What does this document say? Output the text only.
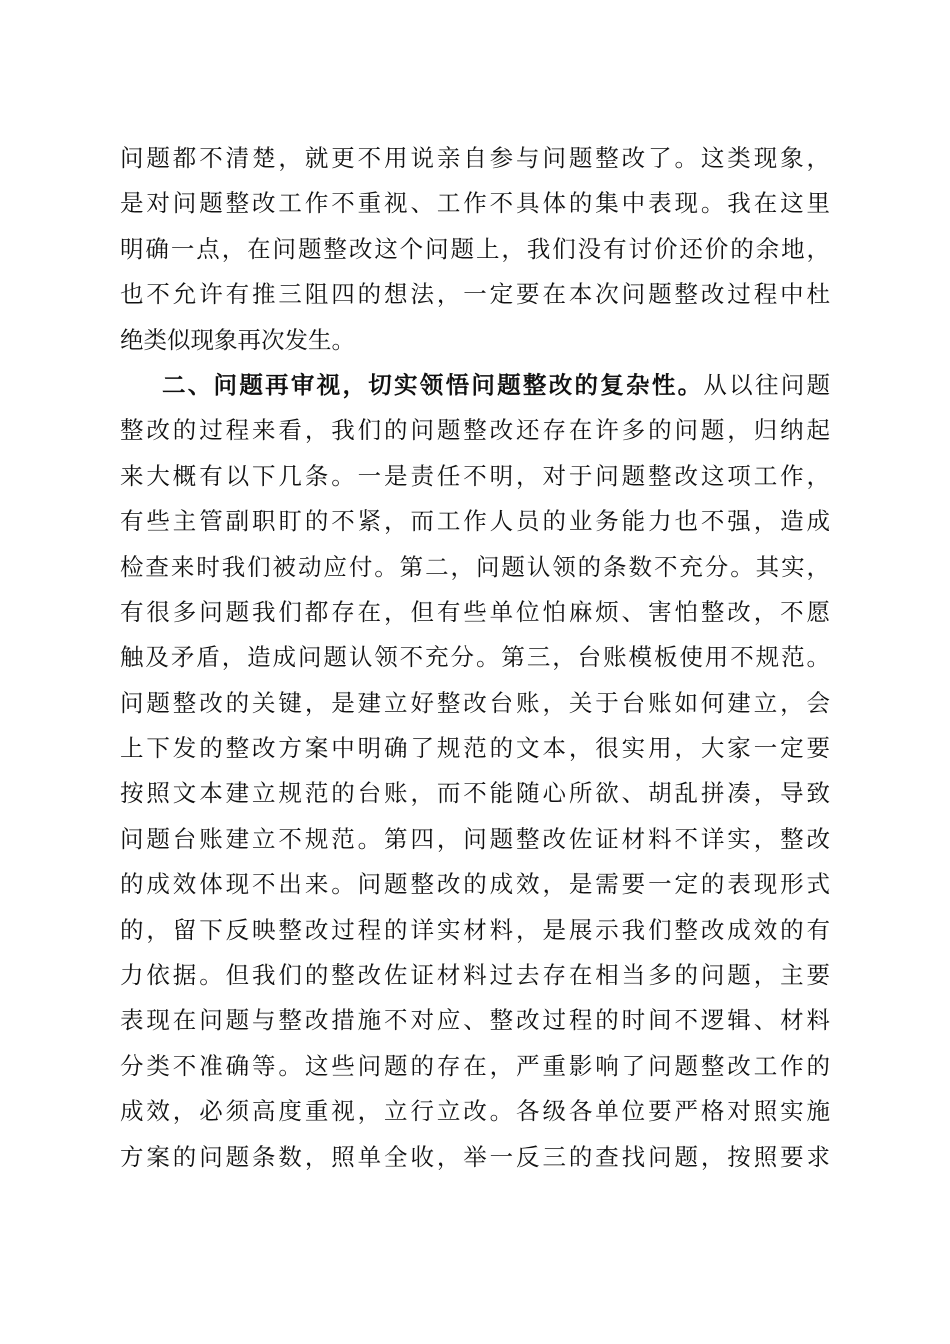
问题都不清楚，就更不用说亲自参与问题整改了。这类现象，
是对问题整改工作不重视、工作不具体的集中表现。我在这里
明确一点，在问题整改这个问题上，我们没有讨价还价的余地，
也不允许有推三阻四的想法，一定要在本次问题整改过程中杜
绝类似现象再次发生。
二、问题再审视，切实领悟问题整改的复杂性。从以往问题
整改的过程来看，我们的问题整改还存在许多的问题，归纳起
来大概有以下几条。一是责任不明，对于问题整改这项工作，
有些主管副职盯的不紧，而工作人员的业务能力也不强，造成
检查来时我们被动应付。第二，问题认领的条数不充分。其实，
有很多问题我们都存在，但有些单位怕麻烦、害怕整改，不愿
触及矛盾，造成问题认领不充分。第三，台账模板使用不规范。
问题整改的关键，是建立好整改台账，关于台账如何建立，会
上下发的整改方案中明确了规范的文本，很实用，大家一定要
按照文本建立规范的台账，而不能随心所欲、胡乱拼凑，导致
问题台账建立不规范。第四，问题整改佐证材料不详实，整改
的成效体现不出来。问题整改的成效，是需要一定的表现形式
的，留下反映整改过程的详实材料，是展示我们整改成效的有
力依据。但我们的整改佐证材料过去存在相当多的问题，主要
表现在问题与整改措施不对应、整改过程的时间不逻辑、材料
分类不准确等。这些问题的存在，严重影响了问题整改工作的
成效，必须高度重视，立行立改。各级各单位要严格对照实施
方案的问题条数，照单全收，举一反三的查找问题，按照要求
